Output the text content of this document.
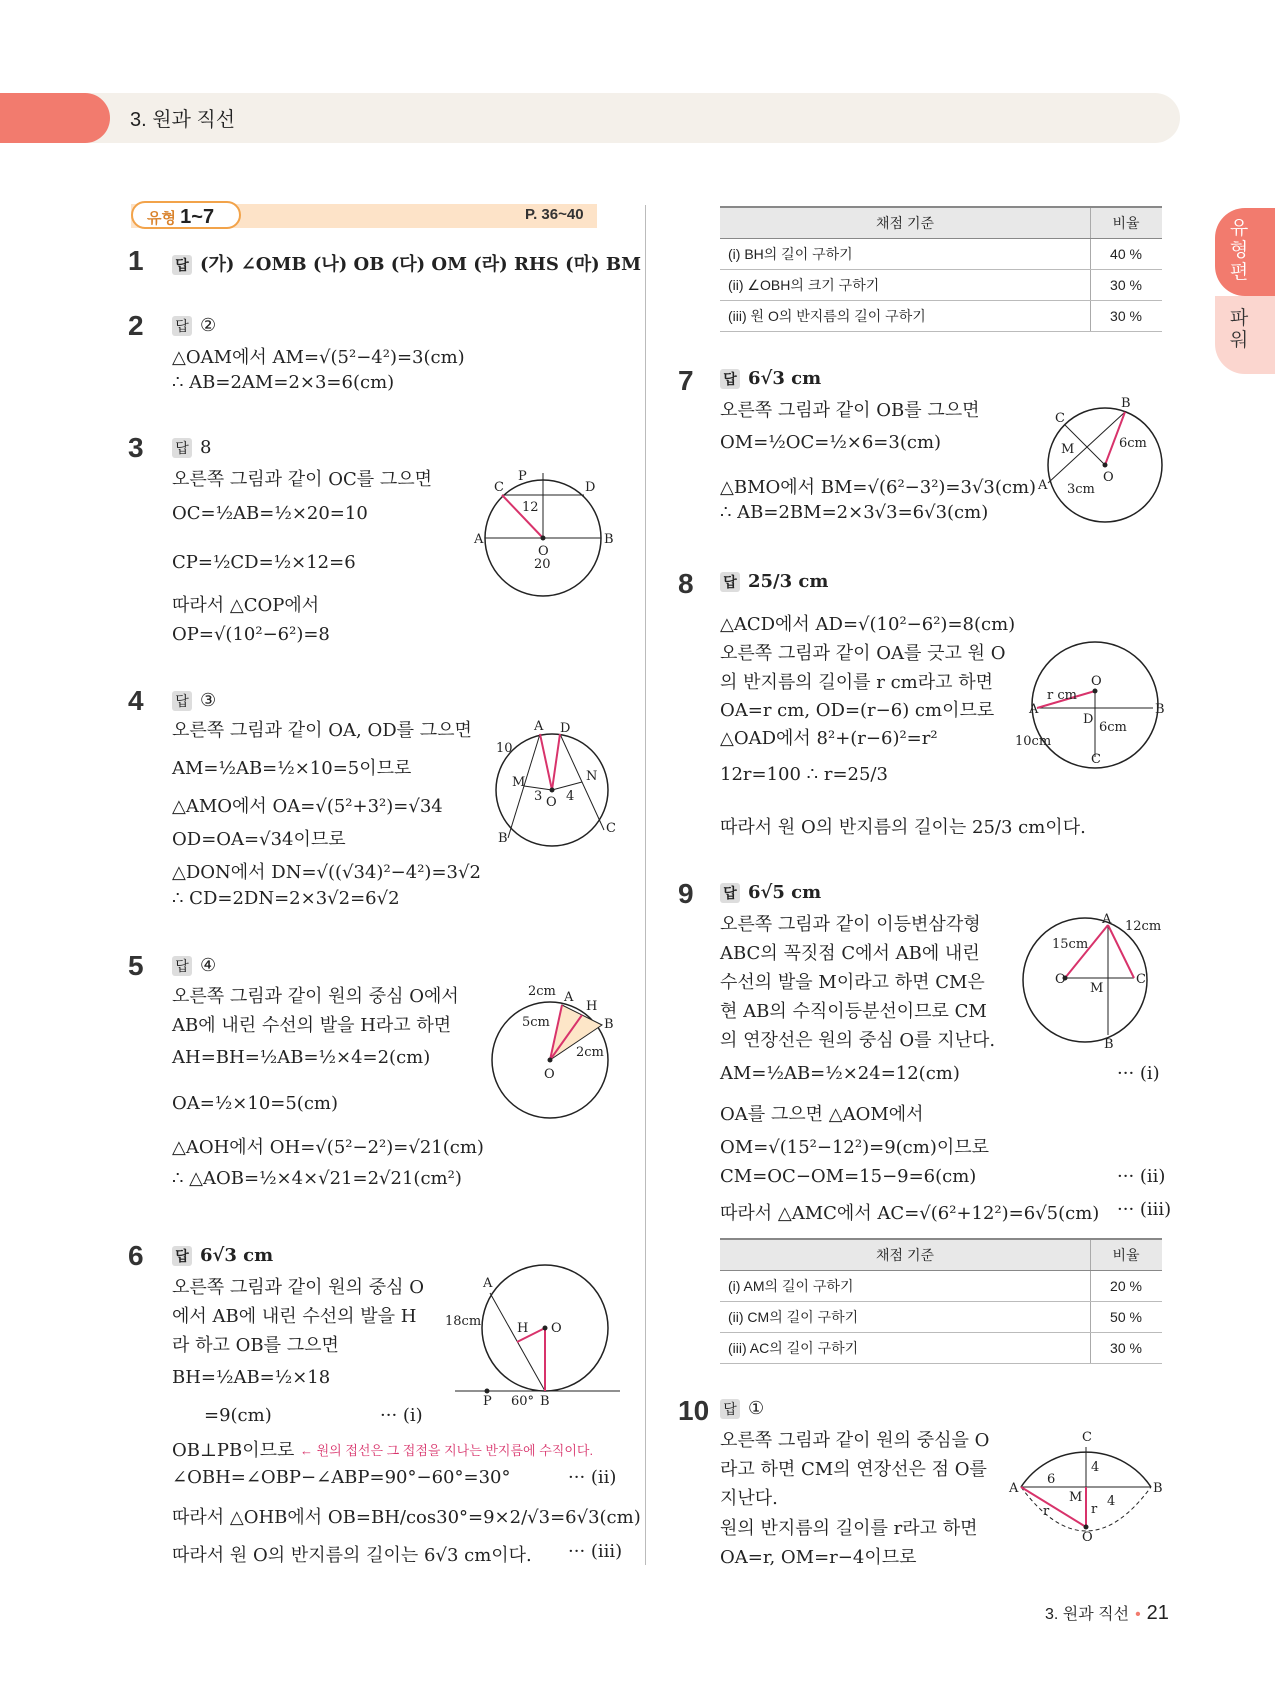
3. 원과 직선
유형편
파워
유형 1~7	P. 36~40
1 답 (가) ∠OMB (나) OB (다) OM (라) RHS (마) BM
2 답 ②
△OAM에서 AM=√(5²−4²)=3(cm)
∴ AB=2AM=2×3=6(cm)
3 답 8
오른쪽 그림과 같이 OC를 그으면
OC=½AB=½×20=10
CP=½CD=½×12=6
따라서 △COP에서
OP=√(10²−6²)=8
P
C	D
A	B
O
12
20
4 답 ③
오른쪽 그림과 같이 OA, OD를 그으면
AM=½AB=½×10=5이므로
△AMO에서 OA=√(5²+3²)=√34
OD=OA=√34이므로
△DON에서 DN=√((√34)²−4²)=3√2
∴ CD=2DN=2×3√2=6√2
A D
M	N
O
B
C
10
3 4
5 답 ④
오른쪽 그림과 같이 원의 중심 O에서
AB에 내린 수선의 발을 H라고 하면
AH=BH=½AB=½×4=2(cm)
OA=½×10=5(cm)
△AOH에서 OH=√(5²−2²)=√21(cm)
∴ △AOB=½×4×√21=2√21(cm²)
A
H
B
O
2cm
5cm
2cm
6 답 6√3 cm
오른쪽 그림과 같이 원의 중심 O
에서 AB에 내린 수선의 발을 H
라 하고 OB를 그으면
BH=½AB=½×18
=9(cm)	··· (i)
OB⊥PB이므로 ← 원의 접선은 그 접점을 지나는 반지름에 수직이다.
∠OBH=∠OBP−∠ABP=90°−60°=30°	··· (ii)
따라서 △OHB에서 OB=BH/cos30°=9×2/√3=6√3(cm)
따라서 원 O의 반지름의 길이는 6√3 cm이다. ··· (iii)
A
H O
P	B
18cm
60°
채점 기준	비율
(i) BH의 길이 구하기	40 %
(ii) ∠OBH의 크기 구하기	30 %
(iii) 원 O의 반지름의 길이 구하기	30 %
7 답 6√3 cm
오른쪽 그림과 같이 OB를 그으면
OM=½OC=½×6=3(cm)
△BMO에서 BM=√(6²−3²)=3√3(cm)
∴ AB=2BM=2×3√3=6√3(cm)
B
C
M
O
A
6cm
3cm
8 답 25/3 cm
△ACD에서 AD=√(10²−6²)=8(cm)
오른쪽 그림과 같이 OA를 긋고 원 O
의 반지름의 길이를 r cm라고 하면
OA=r cm, OD=(r−6) cm이므로
△OAD에서 8²+(r−6)²=r²
12r=100 ∴ r=25/3
따라서 원 O의 반지름의 길이는 25/3 cm이다.
r cm
O
A	B
D
C
6cm
10cm
9 답 6√5 cm
오른쪽 그림과 같이 이등변삼각형
ABC의 꼭짓점 C에서 AB에 내린
수선의 발을 M이라고 하면 CM은
현 AB의 수직이등분선이므로 CM
의 연장선은 원의 중심 O를 지난다.
AM=½AB=½×24=12(cm)	··· (i)
OA를 그으면 △AOM에서
OM=√(15²−12²)=9(cm)이므로
CM=OC−OM=15−9=6(cm)	··· (ii)
따라서 △AMC에서 AC=√(6²+12²)=6√5(cm) ··· (iii)
A 12cm
15cm
O
M
C
B
채점 기준	비율
(i) AM의 길이 구하기	20 %
(ii) CM의 길이 구하기	50 %
(iii) AC의 길이 구하기	30 %
10 답 ①
오른쪽 그림과 같이 원의 중심을 O
라고 하면 CM의 연장선은 점 O를
지난다.
원의 반지름의 길이를 r라고 하면
OA=r, OM=r−4이므로
C
A	B
M
O
6
4
4
r	r
3. 원과 직선 • 21
